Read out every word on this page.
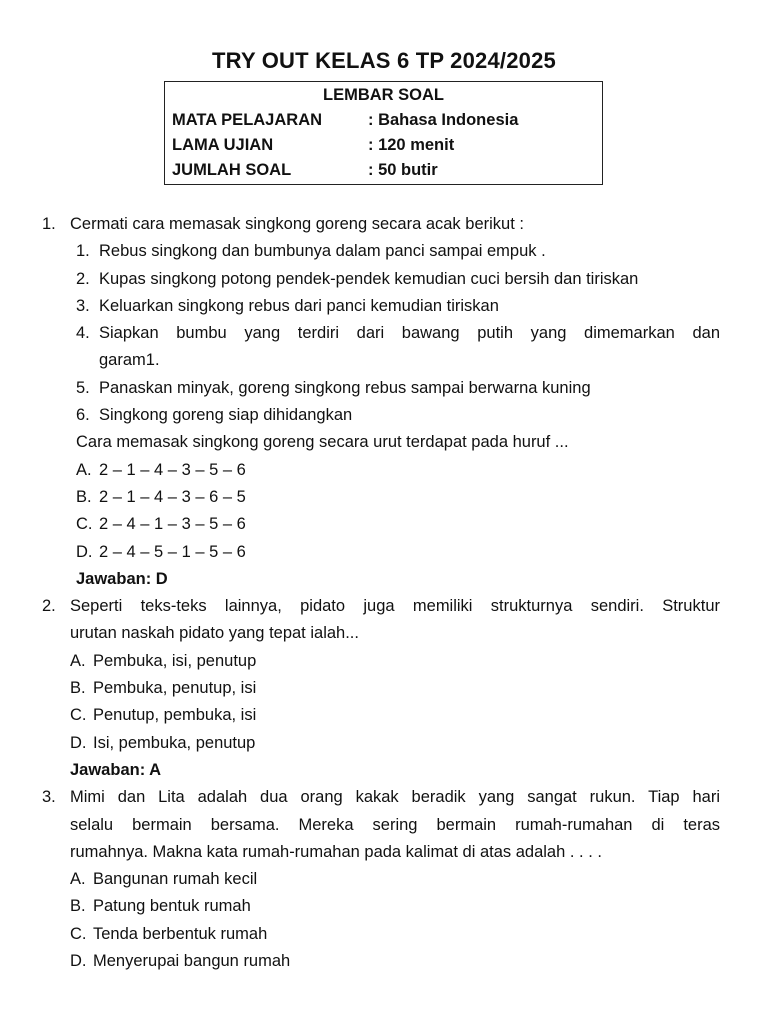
TRY OUT KELAS 6 TP 2024/2025
LEMBAR SOAL
MATA PELAJARAN	: Bahasa Indonesia
LAMA UJIAN	: 120 menit
JUMLAH SOAL	: 50 butir
1. Cermati cara memasak singkong goreng secara acak berikut :
1. Rebus singkong dan bumbunya dalam panci sampai empuk .
2. Kupas singkong potong pendek-pendek kemudian cuci bersih dan tiriskan
3. Keluarkan singkong rebus dari panci kemudian tiriskan
4. Siapkan bumbu yang terdiri dari bawang putih yang dimemarkan dan
garam1.
5. Panaskan minyak, goreng singkong rebus sampai berwarna kuning
6. Singkong goreng siap dihidangkan
Cara memasak singkong goreng secara urut terdapat pada huruf ...
A. 2 – 1 – 4 – 3 – 5 – 6
B. 2 – 1 – 4 – 3 – 6 – 5
C. 2 – 4 – 1 – 3 – 5 – 6
D. 2 – 4 – 5 – 1 – 5 – 6
Jawaban: D
2. Seperti teks-teks lainnya, pidato juga memiliki strukturnya sendiri. Struktur
urutan naskah pidato yang tepat ialah...
A. Pembuka, isi, penutup
B. Pembuka, penutup, isi
C. Penutup, pembuka, isi
D. Isi, pembuka, penutup
Jawaban: A
3. Mimi dan Lita adalah dua orang kakak beradik yang sangat rukun. Tiap hari
selalu bermain bersama. Mereka sering bermain rumah-rumahan di teras
rumahnya. Makna kata rumah-rumahan pada kalimat di atas adalah . . . .
A. Bangunan rumah kecil
B. Patung bentuk rumah
C. Tenda berbentuk rumah
D. Menyerupai bangun rumah
